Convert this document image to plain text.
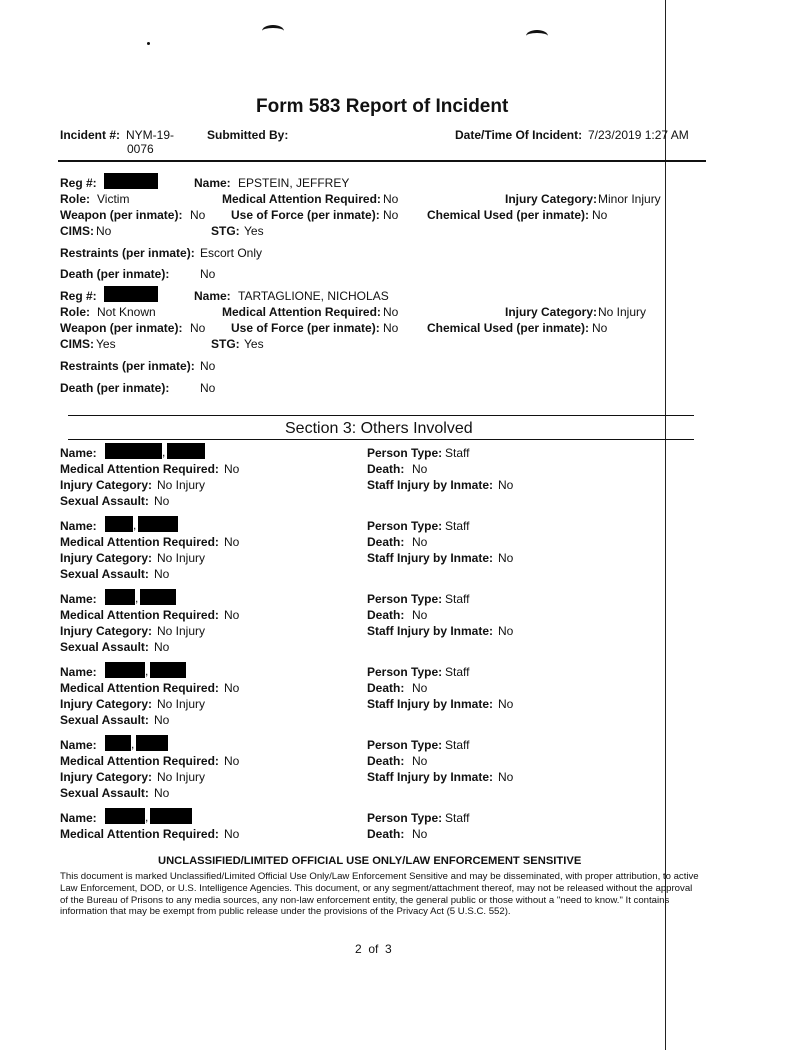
Form 583 Report of Incident
Incident #: NYM-19-
0076
Submitted By:	Date/Time Of Incident: 7/23/2019 1:27 AM
Reg #:	Name: EPSTEIN, JEFFREY
Role: Victim	Medical Attention Required: No	Injury Category: Minor Injury
Weapon (per inmate): No Use of Force (per inmate): No Chemical Used (per inmate): No
CIMS: No	STG: Yes
Restraints (per inmate): Escort Only
Death (per inmate):	No
Reg #:	Name: TARTAGLIONE, NICHOLAS
Role: Not Known	Medical Attention Required: No	Injury Category: No Injury
Weapon (per inmate): No Use of Force (per inmate): No Chemical Used (per inmate): No
CIMS: Yes	STG: Yes
Restraints (per inmate): No
Death (per inmate):	No
Section 3: Others Involved
Name:	,
Medical Attention Required: No
Injury Category: No Injury
Sexual Assault: No
Person Type: Staff
Death: No
Staff Injury by Inmate: No
Name:	,
Medical Attention Required: No
Injury Category: No Injury
Sexual Assault: No
Person Type: Staff
Death: No
Staff Injury by Inmate: No
Name:	,
Medical Attention Required: No
Injury Category: No Injury
Sexual Assault: No
Person Type: Staff
Death: No
Staff Injury by Inmate: No
Name:	,
Medical Attention Required: No
Injury Category: No Injury
Sexual Assault: No
Person Type: Staff
Death: No
Staff Injury by Inmate: No
Name:	,
Medical Attention Required: No
Injury Category: No Injury
Sexual Assault: No
Person Type: Staff
Death: No
Staff Injury by Inmate: No
Name:	,
Medical Attention Required: No
Person Type: Staff
Death: No
UNCLASSIFIED/LIMITED OFFICIAL USE ONLY/LAW ENFORCEMENT SENSITIVE
This document is marked Unclassified/Limited Official Use Only/Law Enforcement Sensitive and may be disseminated, with proper attribution, to active Law Enforcement, DOD, or U.S. Intelligence Agencies. This document, or any segment/attachment thereof, may not be released without the approval of the Bureau of Prisons to any media sources, any non-law enforcement entity, the general public or those without a "need to know." It contains information that may be exempt from public release under the provisions of the Privacy Act (5 U.S.C. 552).
2  of  3
